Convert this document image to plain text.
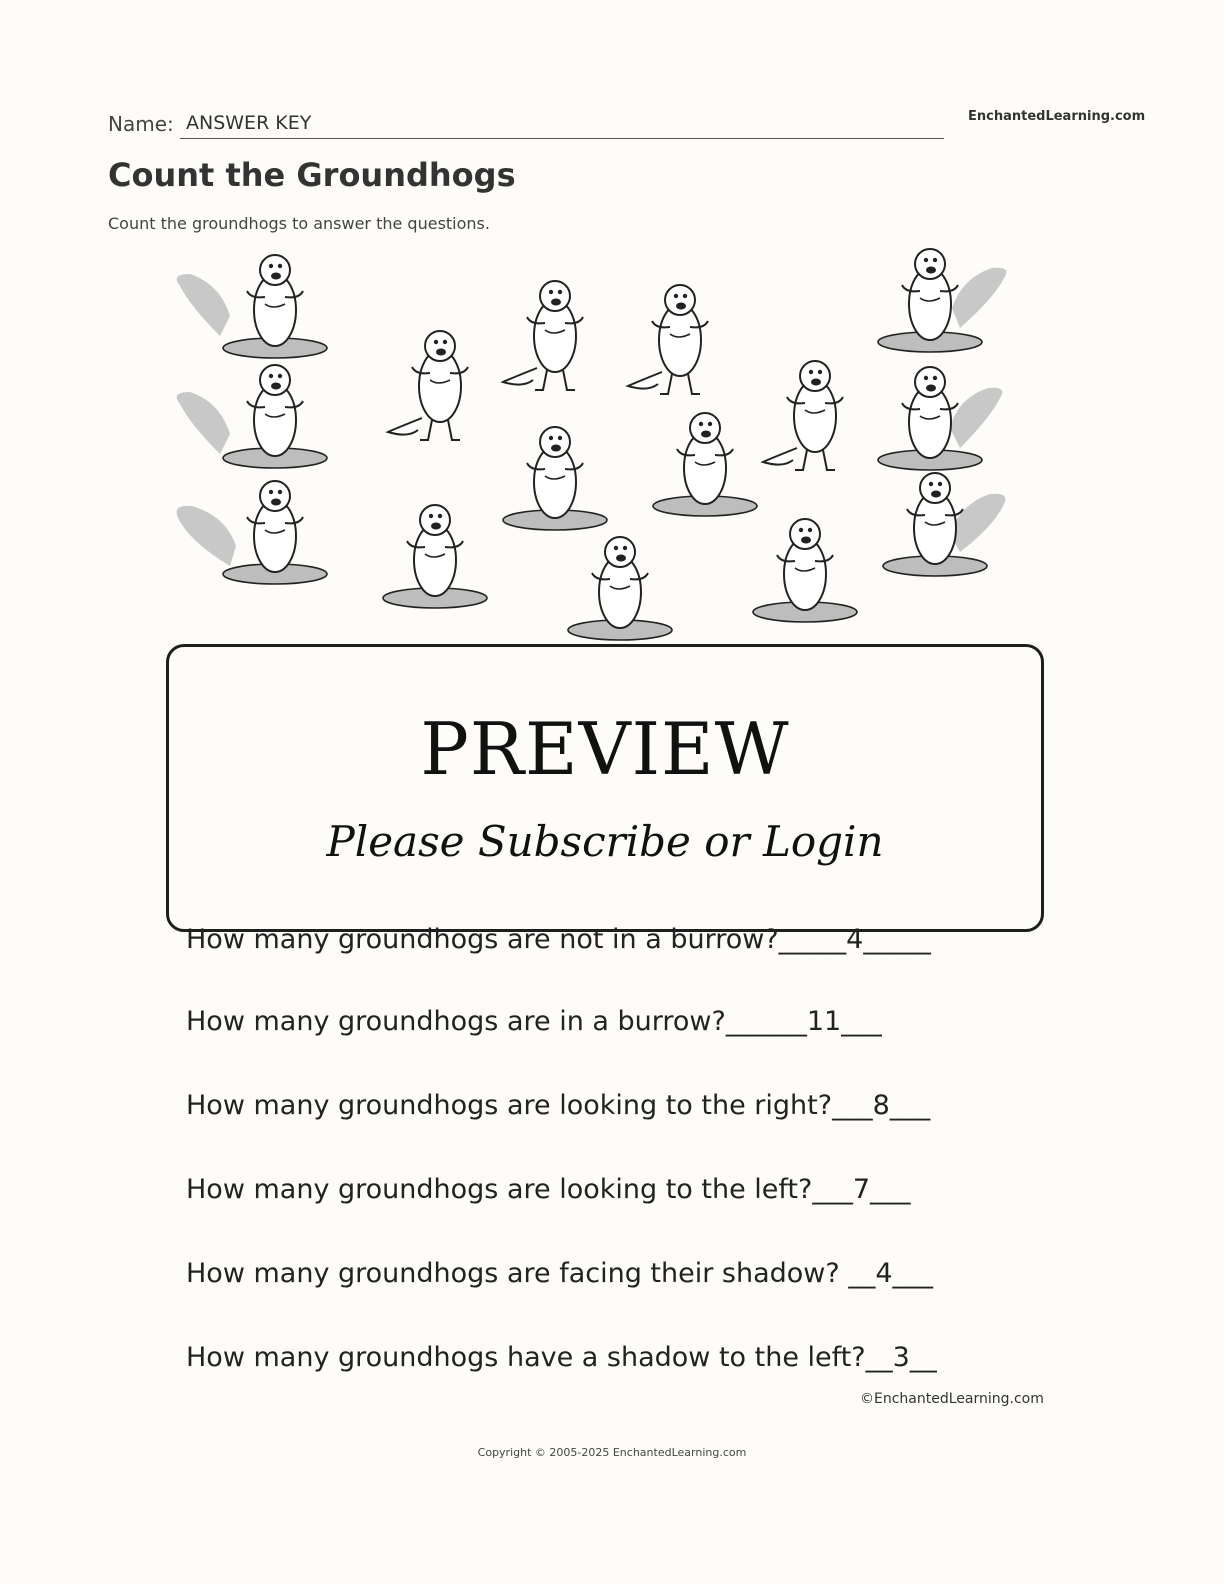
Name: ANSWER KEY	EnchantedLearning.com
Count the Groundhogs
Count the groundhogs to answer the questions.
PREVIEW
Please Subscribe or Login
How many groundhogs are not in a burrow?_____4_____
How many groundhogs are in a burrow?______11___
How many groundhogs are looking to the right?___8___
How many groundhogs are looking to the left?___7___
How many groundhogs are facing their shadow? __4___
How many groundhogs have a shadow to the left?__3__
©EnchantedLearning.com
Copyright © 2005-2025 EnchantedLearning.com
